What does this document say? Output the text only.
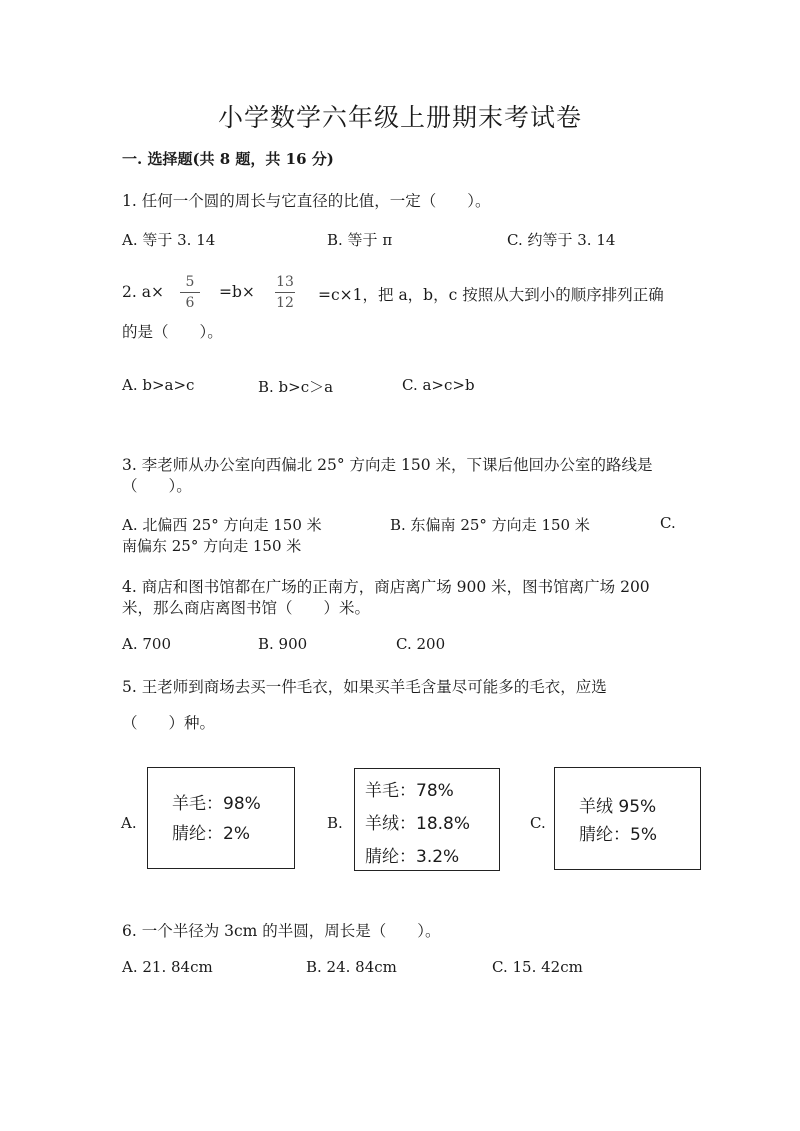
小学数学六年级上册期末考试卷
一. 选择题(共 8 题，共 16 分)
1. 任何一个圆的周长与它直径的比值，一定（　　）。
A. 等于 3. 14	B. 等于 π	C. 约等于 3. 14
2. a×
5
6
=b×
13
12 =c×1，把 a，b，c 按照从大到小的顺序排列正确
的是（　　）。
A. b>a>c	B. b>c＞a	C. a>c>b
3. 李老师从办公室向西偏北 25° 方向走 150 米，下课后他回办公室的路线是
（　　）。
A. 北偏西 25° 方向走 150 米	B. 东偏南 25° 方向走 150 米	C.
南偏东 25° 方向走 150 米
4. 商店和图书馆都在广场的正南方，商店离广场 900 米，图书馆离广场 200
米，那么商店离图书馆（　　）米。
A. 700	B. 900	C. 200
5. 王老师到商场去买一件毛衣，如果买羊毛含量尽可能多的毛衣，应选
（　　）种。
A.
羊毛：98%
腈纶：2%
B.
羊毛：78%
羊绒：18.8%
腈纶：3.2%
C.
羊绒 95%
腈纶：5%
6. 一个半径为 3cm 的半圆，周长是（　　）。
A. 21. 84cm	B. 24. 84cm	C. 15. 42cm
